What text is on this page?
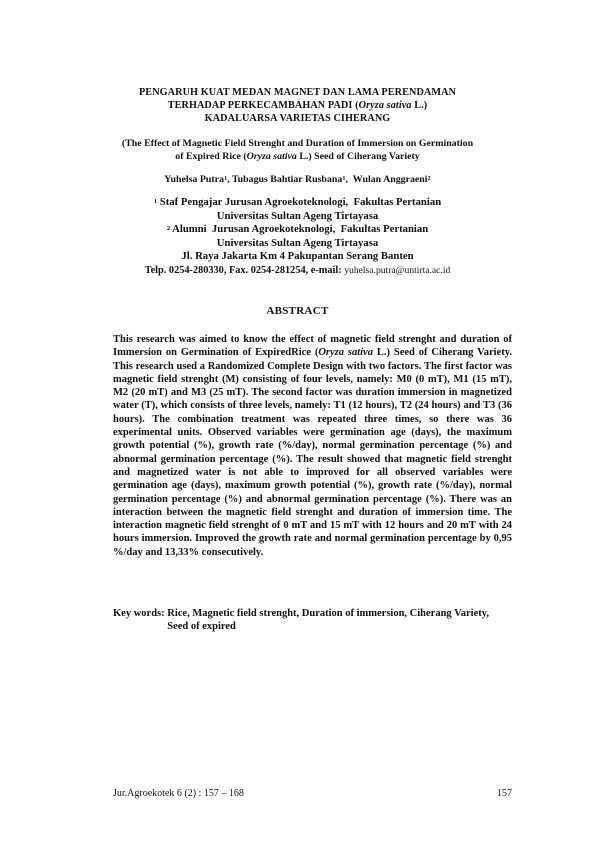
PENGARUH KUAT MEDAN MAGNET DAN LAMA PERENDAMAN
TERHADAP PERKECAMBAHAN PADI (Oryza sativa L.)
KADALUARSA VARIETAS CIHERANG
(The Effect of Magnetic Field Strenght and Duration of Immersion on Germination
of Expired Rice (Oryza sativa L.) Seed of Ciherang Variety
Yuhelsa Putra$^1$, Tubagus Bahtiar Rusbana$^1$,  Wulan Anggraeni$^2$
$^1$ Staf Pengajar Jurusan Agroekoteknologi,  Fakultas Pertanian
Universitas Sultan Ageng Tirtayasa
$^2$ Alumni  Jurusan Agroekoteknologi,  Fakultas Pertanian
Universitas Sultan Ageng Tirtayasa
Jl. Raya Jakarta Km 4 Pakupantan Serang Banten
Telp. 0254-280330, Fax. 0254-281254, e-mail: yuhelsa.putra@untirta.ac.id
ABSTRACT
This research was aimed to know the effect of magnetic field strenght and duration of Immersion on Germination of ExpiredRice (Oryza sativa L.) Seed of Ciherang Variety. This research used a Randomized Complete Design with two factors. The first factor was magnetic field strenght (M) consisting of four levels, namely: M0 (0 mT), M1 (15 mT), M2 (20 mT) and M3 (25 mT). The second factor was duration immersion in magnetized water (T), which consists of three levels, namely: T1 (12 hours), T2 (24 hours) and T3 (36 hours). The combination treatment was repeated three times, so there was 36 experimental units. Observed variables were germination age (days), the maximum growth potential (%), growth rate (%/day), normal germination percentage (%) and abnormal germination percentage (%). The result showed that magnetic field strenght and magnetized water is not able to improved for all observed variables were germination age (days), maximum growth potential (%), growth rate (%/day), normal germination percentage (%) and abnormal germination percentage (%). There was an interaction between the magnetic field strenght and duration of immersion time. The interaction magnetic field strenght of 0 mT and 15 mT with 12 hours and 20 mT with 24 hours immersion. Improved the growth rate and normal germination percentage by 0,95 %/day and 13,33% consecutively.
Key words: Rice, Magnetic field strenght, Duration of immersion, Ciherang Variety, Seed of expired
Jur.Agroekotek 6 (2) : 157 – 168	157
